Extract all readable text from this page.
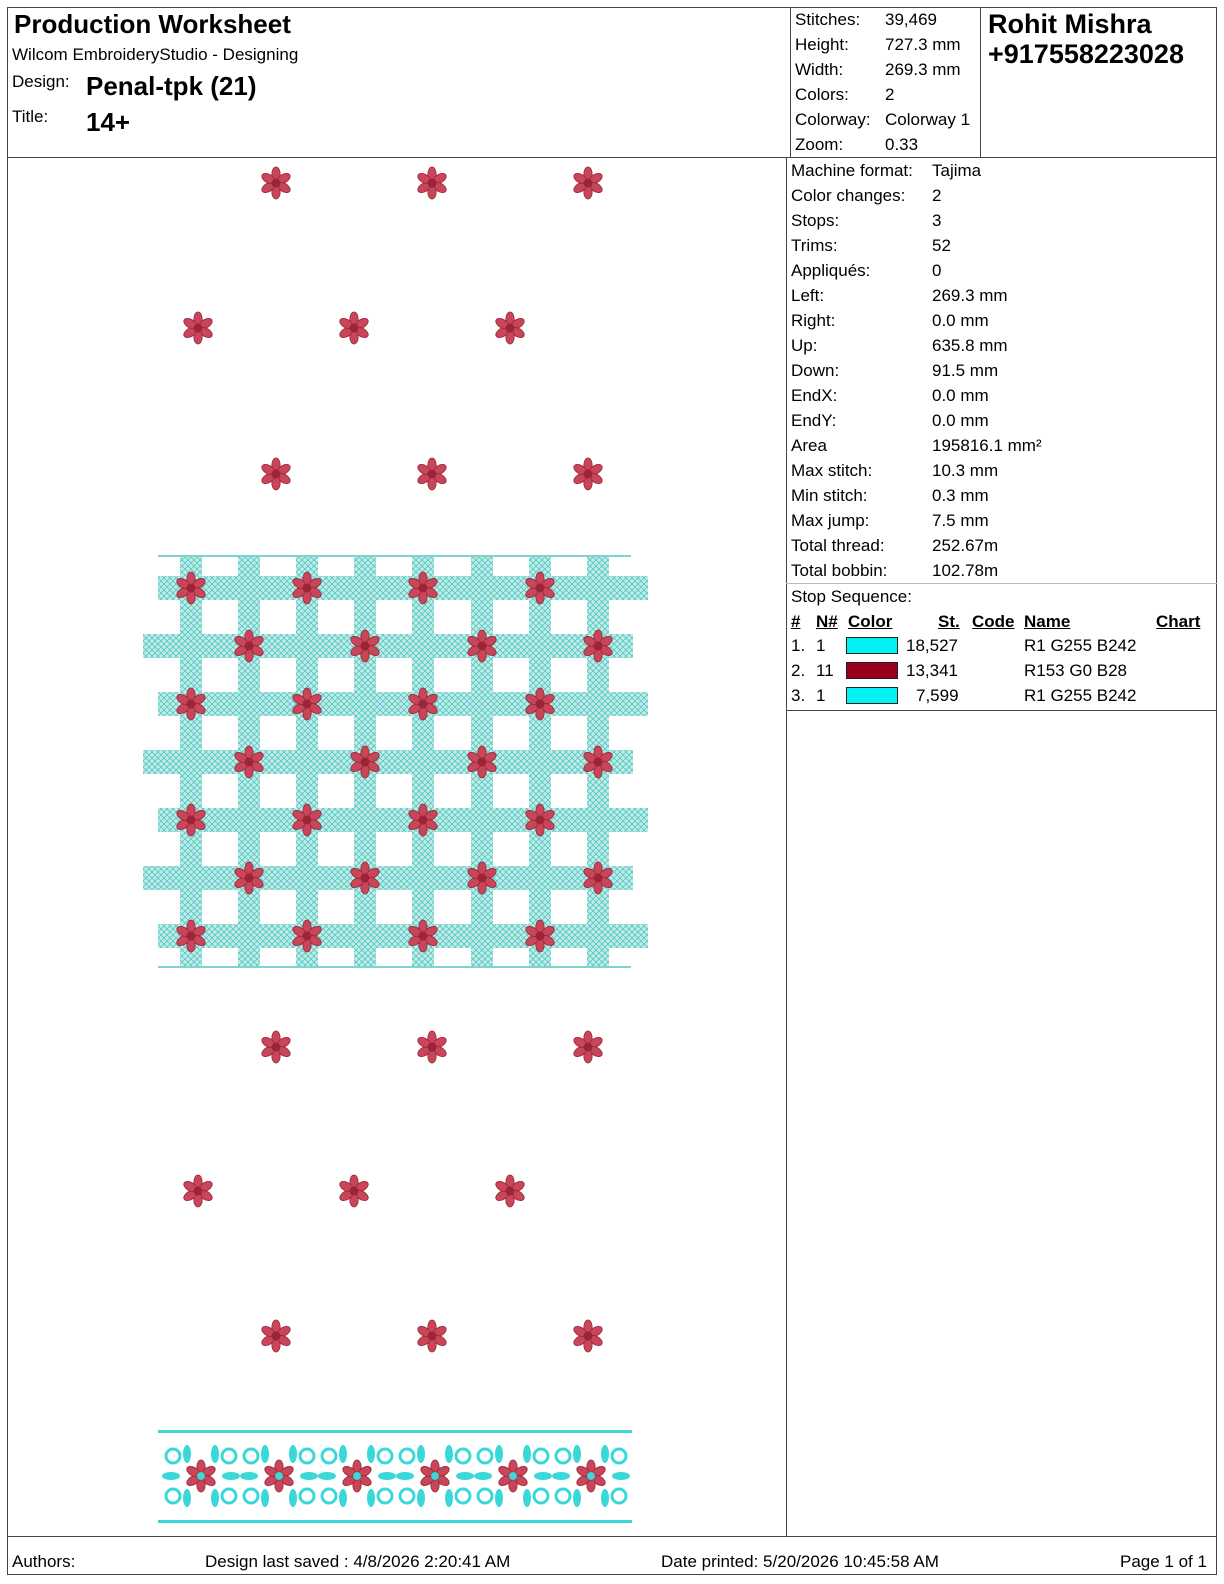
Production Worksheet
Wilcom EmbroideryStudio - Designing
Design: Penal-tpk (21)
Title: 14+
Stitches: 39,469
Height: 727.3 mm
Width: 269.3 mm
Colors: 2
Colorway: Colorway 1
Zoom: 0.33
Rohit Mishra
+917558223028
Machine format: Tajima
Color changes: 2
Stops:	3
Trims:	52
Appliqués:	0
Left:	269.3 mm
Right:	0.0 mm
Up:	635.8 mm
Down:	91.5 mm
EndX:	0.0 mm
EndY:	0.0 mm
Area	195816.1 mm²
Max stitch:	10.3 mm
Min stitch:	0.3 mm
Max jump:	7.5 mm
Total thread:	252.67m
Total bobbin:	102.78m
Stop Sequence:
# N# Color	St. Code Name	Chart
1. 1	18,527	R1 G255 B242
2. 11	13,341	R153 G0 B28
3. 1	7,599	R1 G255 B242
Authors:	Design last saved : 4/8/2026 2:20:41 AM	Date printed: 5/20/2026 10:45:58 AM	Page 1 of 1
